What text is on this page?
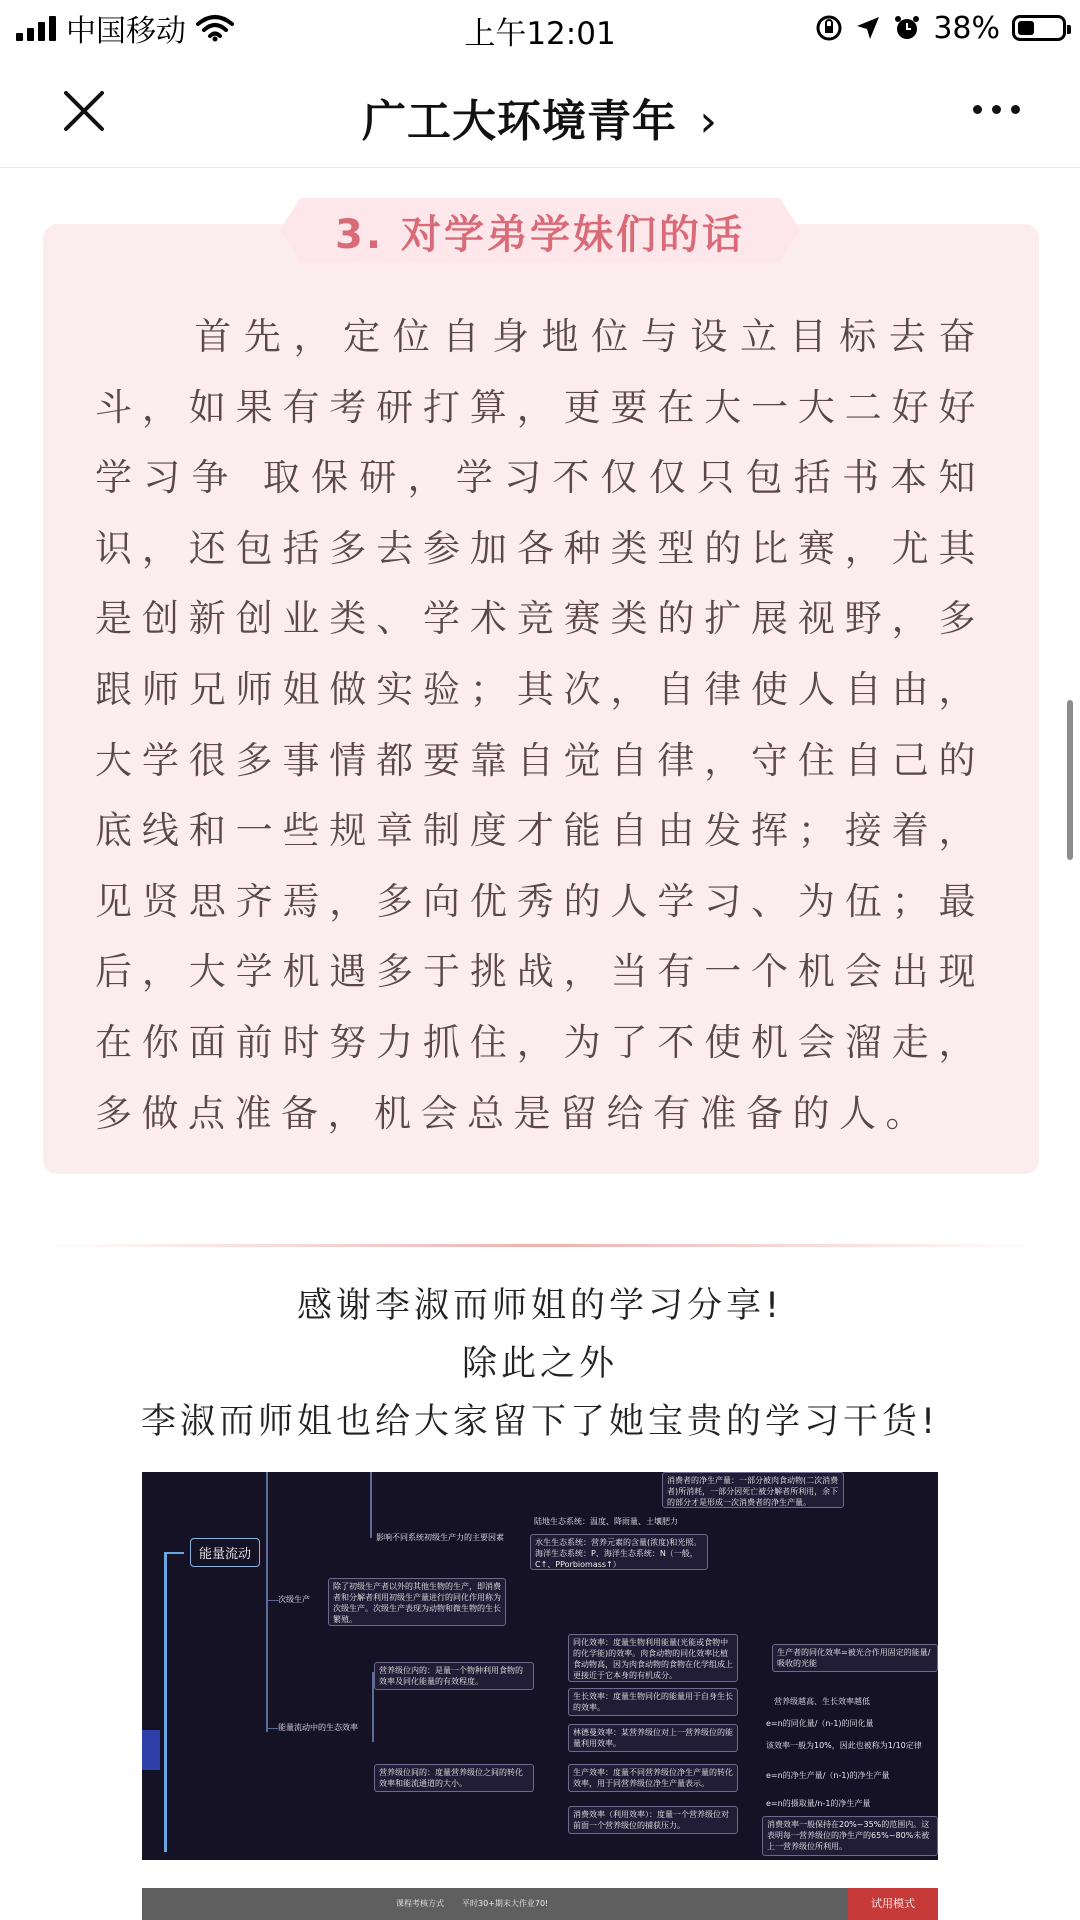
中国移动	上午12:01	38%
广工大环境青年 ›
3. 对学弟学妹们的话

　　首先，定位自身地位与设立目标去奋斗，如果有考研打算，更要在大一大二好好学习争 取保研，学习不仅仅只包括书本知识，还包括多去参加各种类型的比赛，尤其是创新创业类、学术竞赛类的扩展视野，多跟师兄师姐做实验；其次，自律使人自由，大学很多事情都要靠自觉自律，守住自己的底线和一些规章制度才能自由发挥；接着，见贤思齐焉，多向优秀的人学习、为伍；最后，大学机遇多于挑战，当有一个机会出现在你面前时努力抓住，为了不使机会溜走，多做点准备，机会总是留给有准备的人。

感谢李淑而师姐的学习分享!
除此之外
李淑而师姐也给大家留下了她宝贵的学习干货!
能量流动
次级生产
能量流动中的生态效率
影响不同系统初级生产力的主要因素
消费者的净生产量：一部分被肉食动物(二次消费者)所消耗，一部分因死亡被分解者所利用，余下的部分才是形成一次消费者的净生产量。
陆地生态系统：温度、降雨量、土壤肥力
水生生态系统：营养元素的含量(浓度)和光照。海洋生态系统：P、海洋生态系统：N（一般，C↑、PPorbiomass↑）
除了初级生产者以外的其他生物的生产，即消费者和分解者利用初级生产量进行的同化作用称为次级生产。次级生产表现为动物和微生物的生长繁殖。
营养级位内的：是量一个物种利用食物的效率及同化能量的有效程度。
营养级位间的：度量营养级位之间的转化效率和能流通道的大小。
同化效率：度量生物利用能量(光能或食物中的化学能)的效率。肉食动物的同化效率比植食动物高，因为肉食动物的食物在化学组成上更接近于它本身的有机成分。
生长效率：度量生物同化的能量用于自身生长的效率。
生产者的同化效率=被光合作用固定的能量/吸收的光能
营养级越高、生长效率越低
林德曼效率：某营养级位对上一营养级位的能量利用效率。
e=n的同化量/（n-1)的同化量
该效率一般为10%，因此也被称为1/10定律
生产效率：度量不同营养级位净生产量的转化效率，用于同营养级位净生产量表示。
e=n的净生产量/（n-1)的净生产量
消费效率（利用效率）：度量一个营养级位对前面一个营养级位的捕获压力。
e=n的摄取量/n-1的净生产量
消费效率一般保持在20%~35%的范围内。这表明每一营养级位的净生产的65%~80%未被上一营养级位所利用。
课程考核方式 平时30+期末大作业70!	试用模式
